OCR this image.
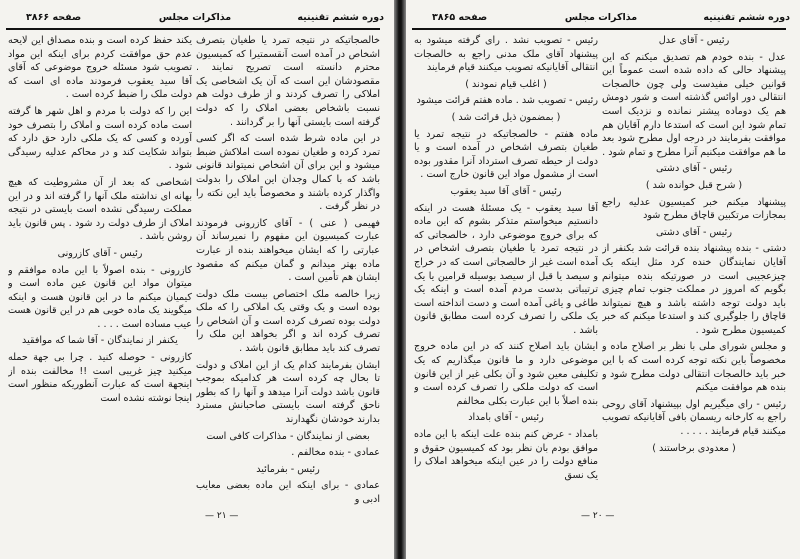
دوره ششم تقنینیه
مذاکرات مجلس
صفحه ۳۸۶۶

خالصجاتیکه در نتیجه تمرد یا طغیان بتصرف اشخاص در آمده است آنقسمتیرا که کمیسیون محترم دانسته است تصریح نمایند . مقصودشان این است که آن یک اشخاصی یک املاکی را تصرف کردند و از طرف دولت هم نسبت باشخاص بعضی املاک را که دولت گرفته است بایستی آنها را بر گردانند .

در این ماده شرط شده است که اگر کسی تمرد کرده و طغیان نموده است املاکش ضبط میشود و این برای آن اشخاص نمیتواند قانونی باشد که با کمال وجدان این املاک را بدولت واگذار کرده باشند و مخصوصاً باید این نکته را در نظر گرفت .

فهیمی ( عنی ) - آقای کازرونی فرمودند عبارت کمیسیون این مفهوم را نمیرساند آن عبارتی را که ایشان میخواهند بنده از عبارت ماده بهتر میدانم و گمان میکنم که مقصود ایشان هم تأمین است .

زیرا خالصه ملک اختصاص بیست ملک دولت بوده است و یک وقتی یک املاکی را که ملک دولت بوده تصرف کرده است و آن اشخاص را تصرف کرده اند و اگر بخواهد این ملک را تصرف کند باید مطابق قانون باشد .

ایشان بفرمایند کدام یک از این املاک و دولت تا بحال چه کرده است هر کدامیکه بموجب قانون باشد دولت آنرا میدهد و آنها را که بطور ناحق گرفته است بایستی صاحبانش مسترد بدارند خودشان نگهدارند

بعضی از نمایندگان - مذاکرات کافی است

عمادی - بنده مخالفم .

رئیس - بفرمائید

عمادی - برای اینکه این ماده بعضی معایب ادبی و

یکند حفظ کرده است و بنده مصداق این لایحه عدم حق موافقت کردم برای اینکه این مواد تصویب شود مسئله خروج موضوعی که آقای آقا سید یعقوب فرمودند ماده ای است که دولت ملک را ضبط کرده است .

این را که دولت با مردم و اهل شهر ها گرفته است ماده کرده است و املاک را بتصرف خود آورده و کسی که یک ملکی دارد حق دارد که بتواند شکایت کند و در محاکم عدلیه رسیدگی شود .

اشخاصی که بعد از آن مشروطیت که هیچ بهانه ای نداشته ملک آنها را گرفته اند و در این مملکت رسیدگی نشده است بایستی در نتیجه املاک از طرف دولت رد شود . پس قانون باید روشن باشد .

رئیس - آقای کازرونی

کازرونی - بنده اصولاً با این ماده موافقم و میتوان مواد این قانون عین ماده است و کیمیان میکنم ما در این قانون هست و اینکه میگویند یک ماده خوبی هم در این قانون هست عیب مساده است . . . .

یکنفر از نمایندگان - آقا شما که موافقید

کازرونی - حوصله کنید . چرا بی جهة حمله میکنید چیز غریبی است !! مخالفت بنده از اینجهة است که عبارت آنطوریکه منظور است اینجا نوشته نشده است

— ۲۱ —
دوره ششم تقنینیه
مذاکرات مجلس
صفحه ۳۸۶۵

رئیس - آقای عدل

عدل - بنده خودم هم تصدیق میکنم که این پیشنهاد حالی که داده شده است عموماً این قوانین خیلی مفیدست ولی چون خالصجات انتقالی دور اوائس گذشته است و شور دومش هم یک دوماده پیشتر نمانده و نزدیک است تمام شود این است که استدعا دارم آقایان هم موافقت بفرمایند در درجه اول مطرح شود بعد ما هم موافقت میکنیم آنرا مطرح و تمام شود .

رئیس - آقای دشتی

( شرح قبل خوانده شد )

پیشنهاد میکنم خبر کمیسیون عدلیه راجع بمجازات مرتکبین قاچاق مطرح شود

رئیس - آقای دشتی

دشتی - بنده پیشنهاد بنده قرائت شد بکنفر از آقایان نمایندگان خنده کرد مثل اینکه یک چیزعجیبی است در صورتیکه بنده میتوانم بگویم که امروز در مملکت جنوب تمام چیزی باید دولت توجه داشته باشد و هیچ نمیتواند قاچاق را جلوگیری کند و استدعا میکنم که خبر کمیسیون مطرح شود .

و مجلس شورای ملی با نظر بر اصلاح ماده و مخصوصاً باین نکته توجه کرده است که با این خبر باید خالصجات انتقالی دولت مطرح شود و بنده هم موافقت میکنم

رئیس - رای میگیریم اول بپیشنهاد آقای روحی راجع به کارخانه ریسمان بافی آقایانیکه تصویب میکنند قیام فرمایند . . . . .

( معدودی برخاستند )

رئیس - تصویب نشد . رای گرفته میشود به پیشنهاد آقای ملک مدنی راجع به خالصجات انتقالی آقایانیکه تصویب میکنند قیام فرمایند

( اغلب قیام نمودند )

رئیس - تصویب شد . ماده هفتم قرائت میشود

( بمضمون ذیل قرائت شد )

ماده هفتم - خالصجاتیکه در نتیجه تمرد یا طغیان بتصرف اشخاص در آمده است و یا دولت از حیطه تصرف استرداد آنرا مقدور بوده است از مشمول مواد این قانون خارج است .

رئیس - آقای آقا سید یعقوب

آقا سید یعقوب - یک مسئلهٔ هست در اینکه دانستیم میخواستم متذکر بشوم که این ماده که برای خروج موضوعی دارد ، خالصجاتی که در نتیجه تمرد یا طغیان بتصرف اشخاص در آمده است غیر از خالصجاتی است که در خراج و سیصد یا قبل از سیصد بوسیله قرامین یا یک ترتیباتی بدست مردم آمده است و اینکه یک طاغی و یاغی آمده است و دست انداخته است یک ملکی را تصرف کرده است مطابق قانون باشد .

ایشان باید اصلاح کنند که در این ماده خروج موضوعی دارد و ما قانون میگذاریم که یک تکلیفی معین شود و آن بکلی غیر از این قانون است که دولت ملکی را تصرف کرده است و بنده اصلاً با این عبارت بکلی مخالفم

رئیس - آقای بامداد

بامداد - عرض کنم بنده علت اینکه با این ماده موافق بودم بان نظر بود که کمیسیون حقوق و منافع دولت را در عین اینکه میخواهد املاک را یک نسق

— ۲۰ —
